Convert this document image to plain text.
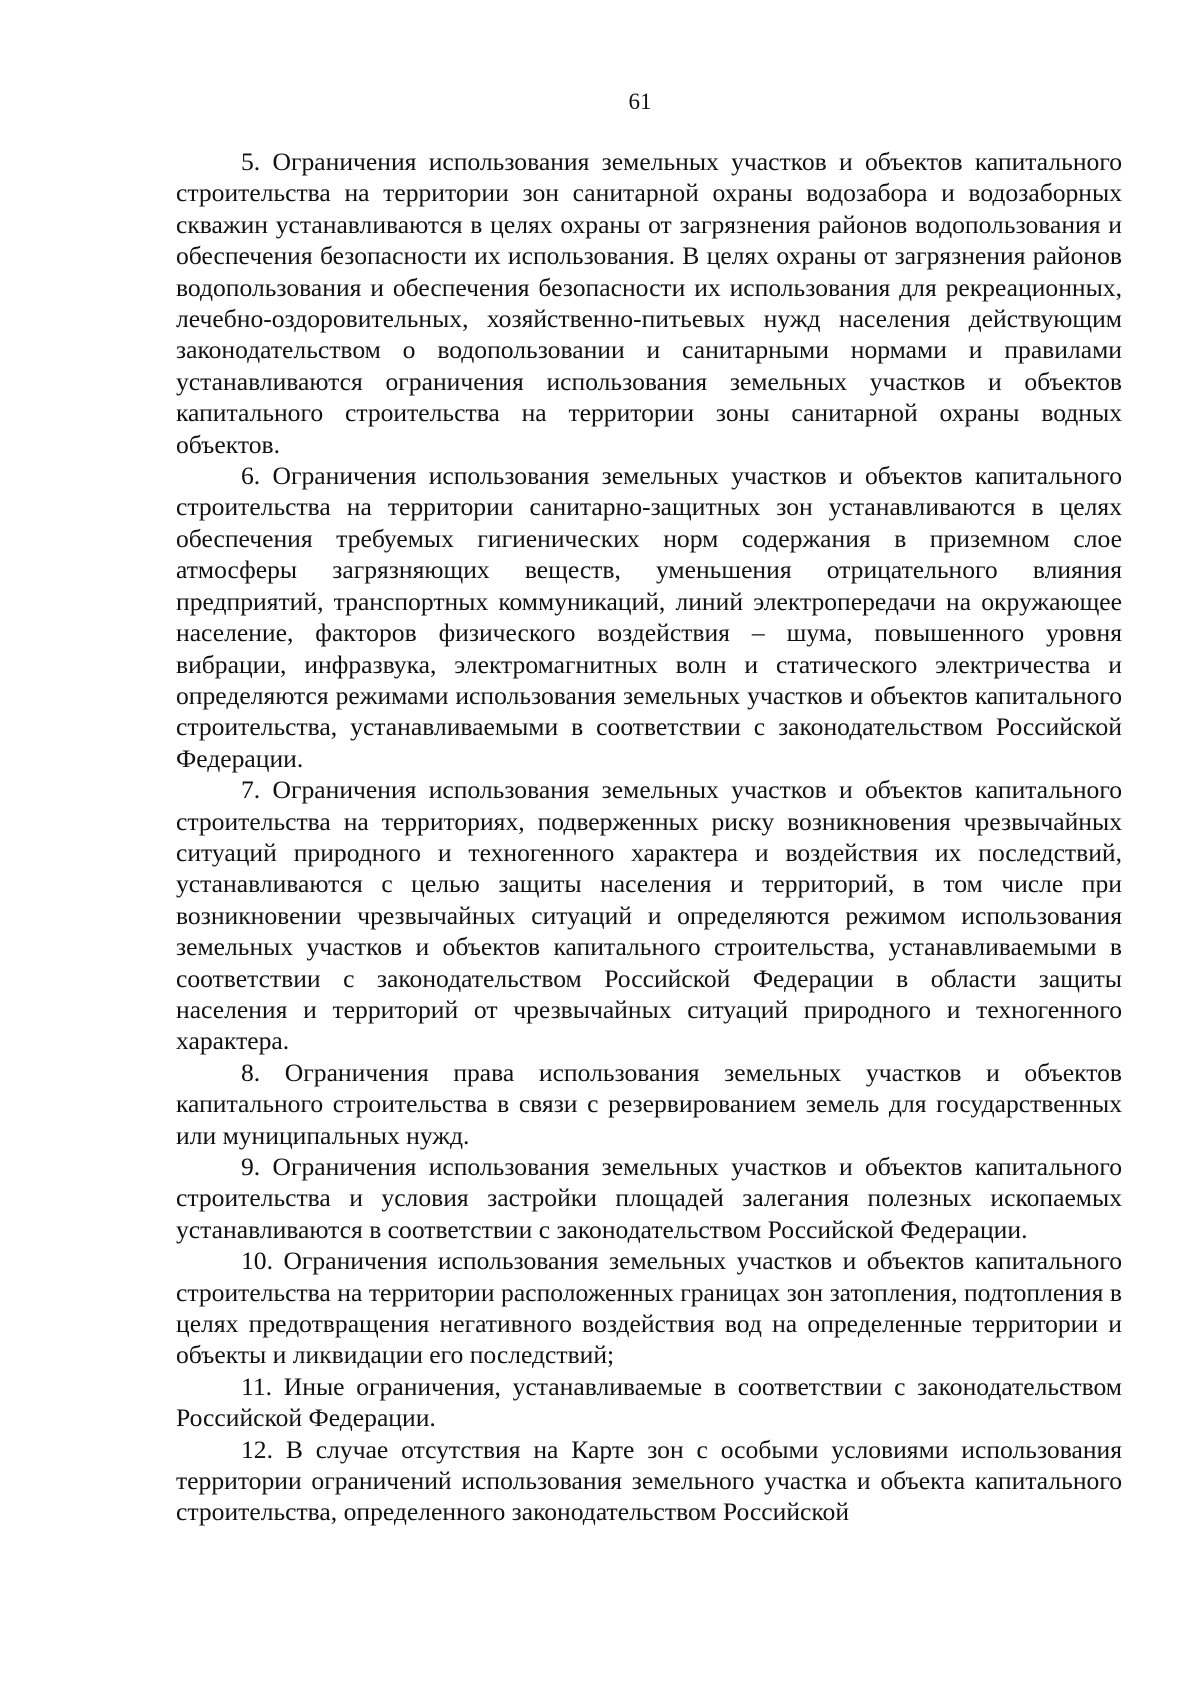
61

5. Ограничения использования земельных участков и объектов капитального строительства на территории зон санитарной охраны водозабора и водозаборных скважин устанавливаются в целях охраны от загрязнения районов водопользования и обеспечения безопасности их использования. В целях охраны от загрязнения районов водопользования и обеспечения безопасности их использования для рекреационных, лечебно-оздоровительных, хозяйственно-питьевых нужд населения действующим законодательством о водопользовании и санитарными нормами и правилами устанавливаются ограничения использования земельных участков и объектов капитального строительства на территории зоны санитарной охраны водных объектов.

6. Ограничения использования земельных участков и объектов капитального строительства на территории санитарно-защитных зон устанавливаются в целях обеспечения требуемых гигиенических норм содержания в приземном слое атмосферы загрязняющих веществ, уменьшения отрицательного влияния предприятий, транспортных коммуникаций, линий электропередачи на окружающее население, факторов физического воздействия – шума, повышенного уровня вибрации, инфразвука, электромагнитных волн и статического электричества и определяются режимами использования земельных участков и объектов капитального строительства, устанавливаемыми в соответствии с законодательством Российской Федерации.

7. Ограничения использования земельных участков и объектов капитального строительства на территориях, подверженных риску возникновения чрезвычайных ситуаций природного и техногенного характера и воздействия их последствий, устанавливаются с целью защиты населения и территорий, в том числе при возникновении чрезвычайных ситуаций и определяются режимом использования земельных участков и объектов капитального строительства, устанавливаемыми в соответствии с законодательством Российской Федерации в области защиты населения и территорий от чрезвычайных ситуаций природного и техногенного характера.

8. Ограничения права использования земельных участков и объектов капитального строительства в связи с резервированием земель для государственных или муниципальных нужд.

9. Ограничения использования земельных участков и объектов капитального строительства и условия застройки площадей залегания полезных ископаемых устанавливаются в соответствии с законодательством Российской Федерации.

10. Ограничения использования земельных участков и объектов капитального строительства на территории расположенных границах зон затопления, подтопления в целях предотвращения негативного воздействия вод на определенные территории и объекты и ликвидации его последствий;

11. Иные ограничения, устанавливаемые в соответствии с законодательством Российской Федерации.

12. В случае отсутствия на Карте зон с особыми условиями использования территории ограничений использования земельного участка и объекта капитального строительства, определенного законодательством Российской
